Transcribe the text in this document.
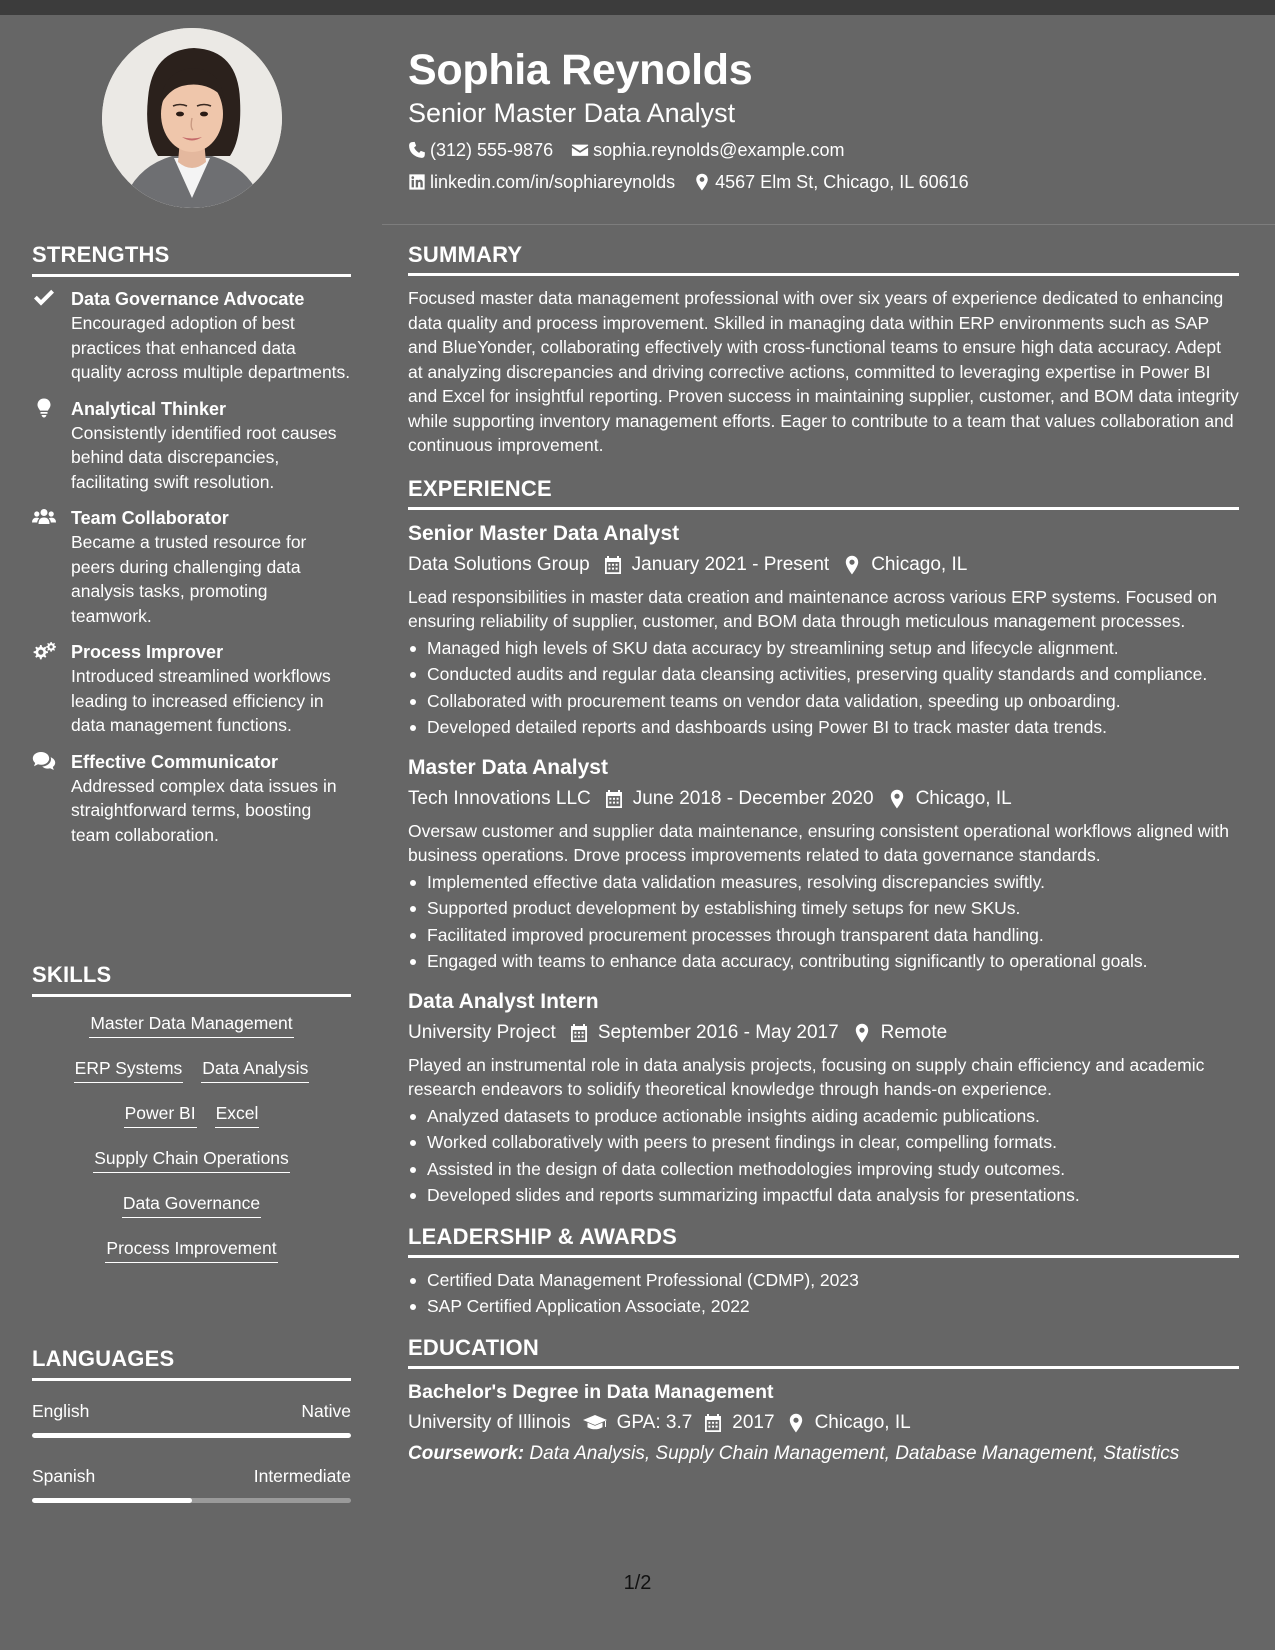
STRENGTHS
Data Governance Advocate
Encouraged adoption of best practices that enhanced data quality across multiple departments.
Analytical Thinker
Consistently identified root causes behind data discrepancies, facilitating swift resolution.
Team Collaborator
Became a trusted resource for peers during challenging data analysis tasks, promoting teamwork.
Process Improver
Introduced streamlined workflows leading to increased efficiency in data management functions.
Effective Communicator
Addressed complex data issues in straightforward terms, boosting team collaboration.
SKILLS
Master Data Management
ERP Systems Data Analysis
Power BI Excel
Supply Chain Operations
Data Governance
Process Improvement
LANGUAGES
English	Native
Spanish	Intermediate
Sophia Reynolds
Senior Master Data Analyst
(312) 555-9876 sophia.reynolds@example.com
linkedin.com/in/sophiareynolds 4567 Elm St, Chicago, IL 60616
SUMMARY
Focused master data management professional with over six years of experience dedicated to enhancing data quality and process improvement. Skilled in managing data within ERP environments such as SAP and BlueYonder, collaborating effectively with cross-functional teams to ensure high data accuracy. Adept at analyzing discrepancies and driving corrective actions, committed to leveraging expertise in Power BI and Excel for insightful reporting. Proven success in maintaining supplier, customer, and BOM data integrity while supporting inventory management efforts. Eager to contribute to a team that values collaboration and continuous improvement.
EXPERIENCE
Senior Master Data Analyst
Data Solutions Group January 2021 - Present Chicago, IL
Lead responsibilities in master data creation and maintenance across various ERP systems. Focused on ensuring reliability of supplier, customer, and BOM data through meticulous management processes.
Managed high levels of SKU data accuracy by streamlining setup and lifecycle alignment.
Conducted audits and regular data cleansing activities, preserving quality standards and compliance.
Collaborated with procurement teams on vendor data validation, speeding up onboarding.
Developed detailed reports and dashboards using Power BI to track master data trends.
Master Data Analyst
Tech Innovations LLC June 2018 - December 2020 Chicago, IL
Oversaw customer and supplier data maintenance, ensuring consistent operational workflows aligned with business operations. Drove process improvements related to data governance standards.
Implemented effective data validation measures, resolving discrepancies swiftly.
Supported product development by establishing timely setups for new SKUs.
Facilitated improved procurement processes through transparent data handling.
Engaged with teams to enhance data accuracy, contributing significantly to operational goals.
Data Analyst Intern
University Project September 2016 - May 2017 Remote
Played an instrumental role in data analysis projects, focusing on supply chain efficiency and academic research endeavors to solidify theoretical knowledge through hands-on experience.
Analyzed datasets to produce actionable insights aiding academic publications.
Worked collaboratively with peers to present findings in clear, compelling formats.
Assisted in the design of data collection methodologies improving study outcomes.
Developed slides and reports summarizing impactful data analysis for presentations.
LEADERSHIP & AWARDS
Certified Data Management Professional (CDMP), 2023
SAP Certified Application Associate, 2022
EDUCATION
Bachelor's Degree in Data Management
University of Illinois GPA: 3.7 2017 Chicago, IL
Coursework: Data Analysis, Supply Chain Management, Database Management, Statistics
1/2
